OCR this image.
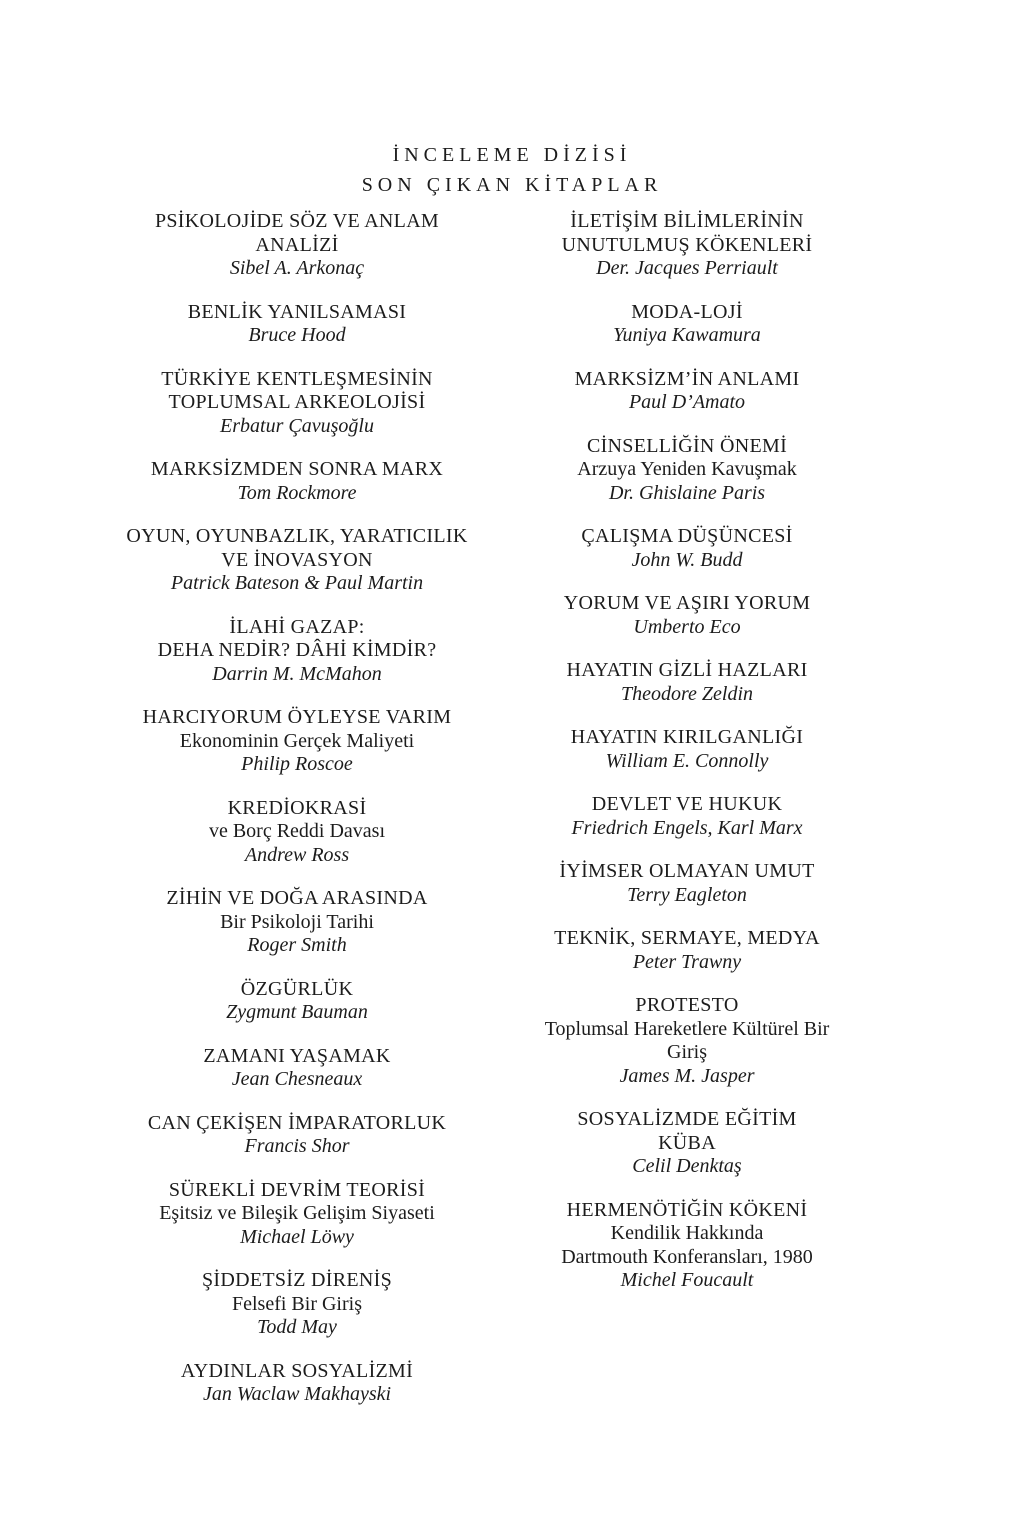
İNCELEME DİZİSİ
SON ÇIKAN KİTAPLAR
PSİKOLOJİDE SÖZ VE ANLAM
ANALİZİ
Sibel A. Arkonaç
BENLİK YANILSAMASI
Bruce Hood
TÜRKİYE KENTLEŞMESİNİN
TOPLUMSAL ARKEOLOJİSİ
Erbatur Çavuşoğlu
MARKSİZMDEN SONRA MARX
Tom Rockmore
OYUN, OYUNBAZLIK, YARATICILIK
VE İNOVASYON
Patrick Bateson & Paul Martin
İLAHİ GAZAP:
DEHA NEDİR? DÂHİ KİMDİR?
Darrin M. McMahon
HARCIYORUM ÖYLEYSE VARIM
Ekonominin Gerçek Maliyeti
Philip Roscoe
KREDİOKRASİ
ve Borç Reddi Davası
Andrew Ross
ZİHİN VE DOĞA ARASINDA
Bir Psikoloji Tarihi
Roger Smith
ÖZGÜRLÜK
Zygmunt Bauman
ZAMANI YAŞAMAK
Jean Chesneaux
CAN ÇEKİŞEN İMPARATORLUK
Francis Shor
SÜREKLİ DEVRİM TEORİSİ
Eşitsiz ve Bileşik Gelişim Siyaseti
Michael Löwy
ŞİDDETSİZ DİRENİŞ
Felsefi Bir Giriş
Todd May
AYDINLAR SOSYALİZMİ
Jan Waclaw Makhayski
İLETİŞİM BİLİMLERİNİN
UNUTULMUŞ KÖKENLERİ
Der. Jacques Perriault
MODA-LOJİ
Yuniya Kawamura
MARKSİZM’İN ANLAMI
Paul D’Amato
CİNSELLİĞİN ÖNEMİ
Arzuya Yeniden Kavuşmak
Dr. Ghislaine Paris
ÇALIŞMA DÜŞÜNCESİ
John W. Budd
YORUM VE AŞIRI YORUM
Umberto Eco
HAYATIN GİZLİ HAZLARI
Theodore Zeldin
HAYATIN KIRILGANLIĞI
William E. Connolly
DEVLET VE HUKUK
Friedrich Engels, Karl Marx
İYİMSER OLMAYAN UMUT
Terry Eagleton
TEKNİK, SERMAYE, MEDYA
Peter Trawny
PROTESTO
Toplumsal Hareketlere Kültürel Bir
Giriş
James M. Jasper
SOSYALİZMDE EĞİTİM
KÜBA
Celil Denktaş
HERMENÖTİĞİN KÖKENİ
Kendilik Hakkında
Dartmouth Konferansları, 1980
Michel Foucault
